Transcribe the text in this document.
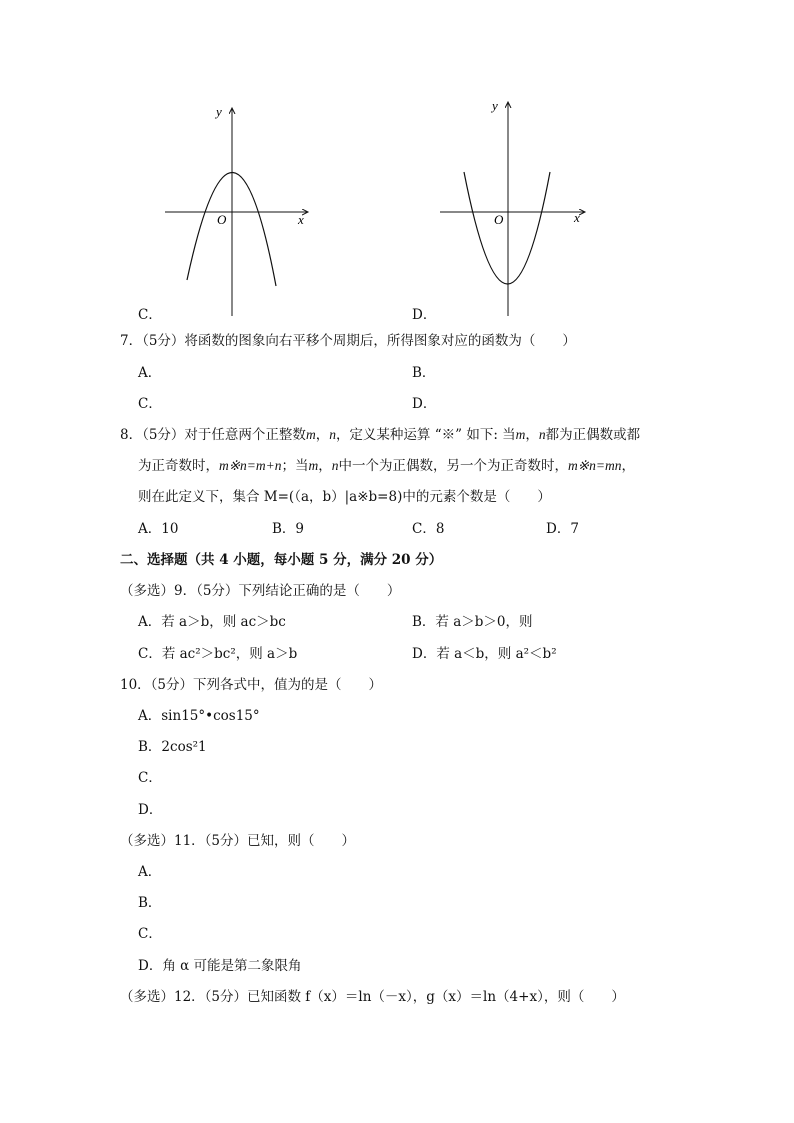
y
x
O
y
x
O
C．	D．
7．（5分）将函数的图象向右平移个周期后，所得图象对应的函数为（　　）
A．	B．
C．	D．
8．（5分）对于任意两个正整数m，n，定义某种运算 “※” 如下: 当m，n都为正偶数或都
为正奇数时，m※n=m+n；当m，n中一个为正偶数，另一个为正奇数时，m※n=mn，
则在此定义下，集合 M=(（a，b）|a※b=8)中的元素个数是（　　）
A．10	B．9	C．8	D．7
二、选择题（共 4 小题，每小题 5 分，满分 20 分）
（多选）9．（5分）下列结论正确的是（　　）
A．若 a＞b，则 ac＞bc	B．若 a＞b＞0，则
C．若 ac²＞bc²，则 a＞b	D．若 a＜b，则 a²＜b²
10．（5分）下列各式中，值为的是（　　）
A．sin15°•cos15°
B．2cos²1
C．
D．
（多选）11．（5分）已知，则（　　）
A．
B．
C．
D．角 α 可能是第二象限角
（多选）12．（5分）已知函数 f（x）＝ln（－x），g（x）＝ln（4+x），则（　　）
